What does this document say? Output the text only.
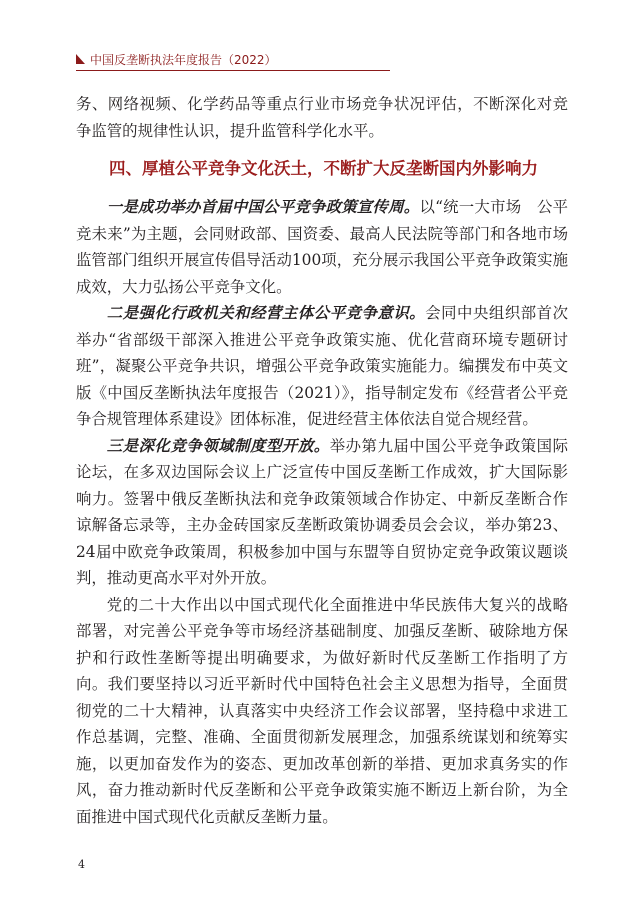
中国反垄断执法年度报告（2022）

务、网络视频、化学药品等重点行业市场竞争状况评估，不断深化对竞争监管的规律性认识，提升监管科学化水平。

四、厚植公平竞争文化沃土，不断扩大反垄断国内外影响力

一是成功举办首届中国公平竞争政策宣传周。以“统一大市场　公平竞未来”为主题，会同财政部、国资委、最高人民法院等部门和各地市场监管部门组织开展宣传倡导活动100项，充分展示我国公平竞争政策实施成效，大力弘扬公平竞争文化。

二是强化行政机关和经营主体公平竞争意识。会同中央组织部首次举办“省部级干部深入推进公平竞争政策实施、优化营商环境专题研讨班”，凝聚公平竞争共识，增强公平竞争政策实施能力。编撰发布中英文版《中国反垄断执法年度报告（2021）》，指导制定发布《经营者公平竞争合规管理体系建设》团体标准，促进经营主体依法自觉合规经营。

三是深化竞争领域制度型开放。举办第九届中国公平竞争政策国际论坛，在多双边国际会议上广泛宣传中国反垄断工作成效，扩大国际影响力。签署中俄反垄断执法和竞争政策领域合作协定、中新反垄断合作谅解备忘录等，主办金砖国家反垄断政策协调委员会会议，举办第23、24届中欧竞争政策周，积极参加中国与东盟等自贸协定竞争政策议题谈判，推动更高水平对外开放。

党的二十大作出以中国式现代化全面推进中华民族伟大复兴的战略部署，对完善公平竞争等市场经济基础制度、加强反垄断、破除地方保护和行政性垄断等提出明确要求，为做好新时代反垄断工作指明了方向。我们要坚持以习近平新时代中国特色社会主义思想为指导，全面贯彻党的二十大精神，认真落实中央经济工作会议部署，坚持稳中求进工作总基调，完整、准确、全面贯彻新发展理念，加强系统谋划和统筹实施，以更加奋发作为的姿态、更加改革创新的举措、更加求真务实的作风，奋力推动新时代反垄断和公平竞争政策实施不断迈上新台阶，为全面推进中国式现代化贡献反垄断力量。

4
